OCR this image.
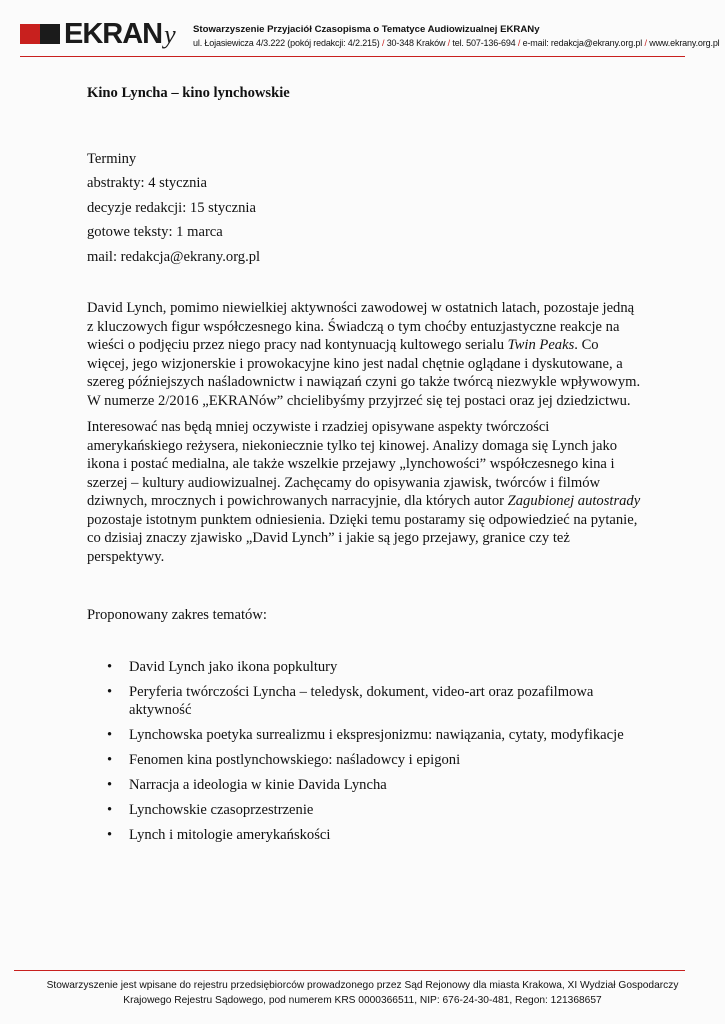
EKRANy Stowarzyszenie Przyjaciół Czasopisma o Tematyce Audiowizualnej EKRANy
ul. Łojasiewicza 4/3.222 (pokój redakcji: 4/2.215) / 30-348 Kraków / tel. 507-136-694 / e-mail: redakcja@ekrany.org.pl / www.ekrany.org.pl

Kino Lyncha – kino lynchowskie

Terminy
abstrakty: 4 stycznia
decyzje redakcji: 15 stycznia
gotowe teksty: 1 marca
mail: redakcja@ekrany.org.pl

David Lynch, pomimo niewielkiej aktywności zawodowej w ostatnich latach, pozostaje jedną z kluczowych figur współczesnego kina. Świadczą o tym choćby entuzjastyczne reakcje na wieści o podjęciu przez niego pracy nad kontynuacją kultowego serialu Twin Peaks. Co więcej, jego wizjonerskie i prowokacyjne kino jest nadal chętnie oglądane i dyskutowane, a szereg późniejszych naśladownictw i nawiązań czyni go także twórcą niezwykle wpływowym. W numerze 2/2016 „EKRANów” chcielibyśmy przyjrzeć się tej postaci oraz jej dziedzictwu.

Interesować nas będą mniej oczywiste i rzadziej opisywane aspekty twórczości amerykańskiego reżysera, niekoniecznie tylko tej kinowej. Analizy domaga się Lynch jako ikona i postać medialna, ale także wszelkie przejawy „lynchowości” współczesnego kina i szerzej – kultury audiowizualnej. Zachęcamy do opisywania zjawisk, twórców i filmów dziwnych, mrocznych i powichrowanych narracyjnie, dla których autor Zagubionej autostrady pozostaje istotnym punktem odniesienia. Dzięki temu postaramy się odpowiedzieć na pytanie, co dzisiaj znaczy zjawisko „David Lynch” i jakie są jego przejawy, granice czy też perspektywy.

Proponowany zakres tematów:

• David Lynch jako ikona popkultury
• Peryferia twórczości Lyncha – teledysk, dokument, video-art oraz pozafilmowa aktywność
• Lynchowska poetyka surrealizmu i ekspresjonizmu: nawiązania, cytaty, modyfikacje
• Fenomen kina postlynchowskiego: naśladowcy i epigoni
• Narracja a ideologia w kinie Davida Lyncha
• Lynchowskie czasoprzestrzenie
• Lynch i mitologie amerykańskości
Stowarzyszenie jest wpisane do rejestru przedsiębiorców prowadzonego przez Sąd Rejonowy dla miasta Krakowa, XI Wydział Gospodarczy
Krajowego Rejestru Sądowego, pod numerem KRS 0000366511, NIP: 676-24-30-481, Regon: 121368657
